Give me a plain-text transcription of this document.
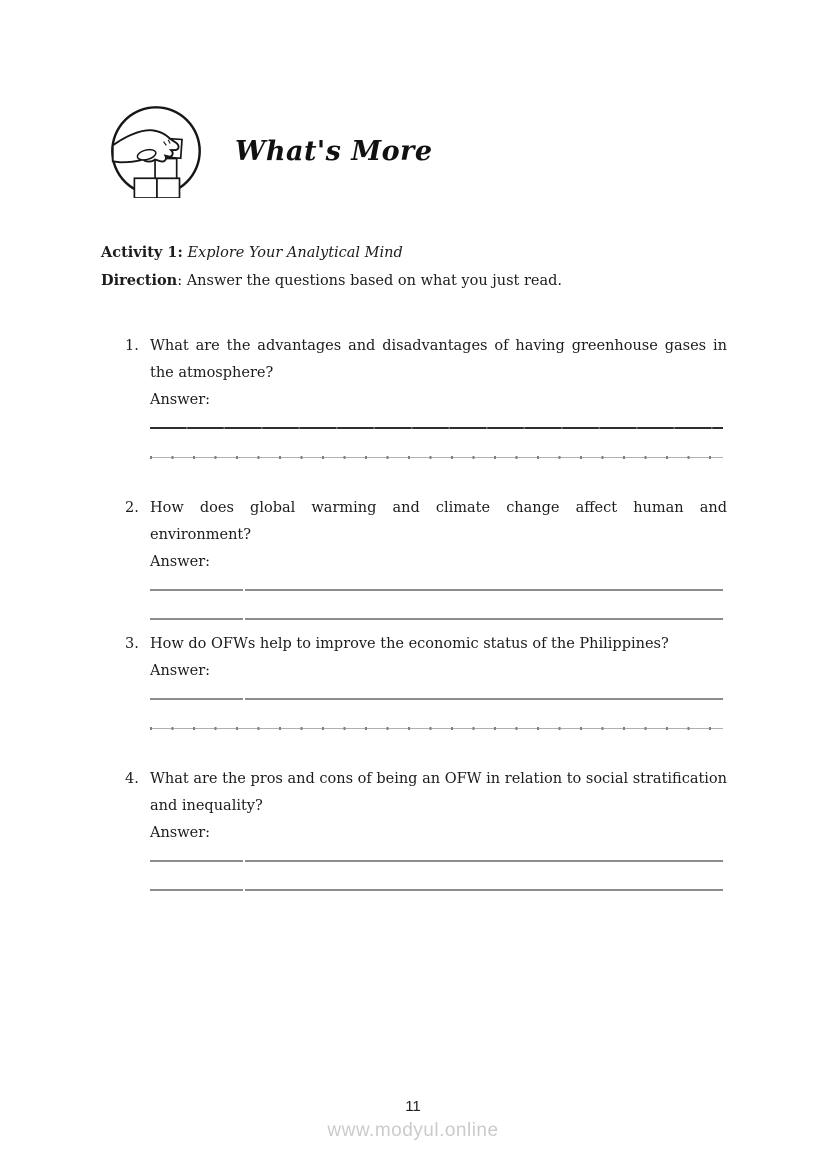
What's More
Activity 1: Explore Your Analytical Mind
Direction: Answer the questions based on what you just read.
1. What are the advantages and disadvantages of having greenhouse gases in the atmosphere?
Answer:
2. How does global warming and climate change affect human and environment?
Answer:
3. How do OFWs help to improve the economic status of the Philippines?
Answer:
4. What are the pros and cons of being an OFW in relation to social stratification and inequality?
Answer:
11
www.modyul.online
